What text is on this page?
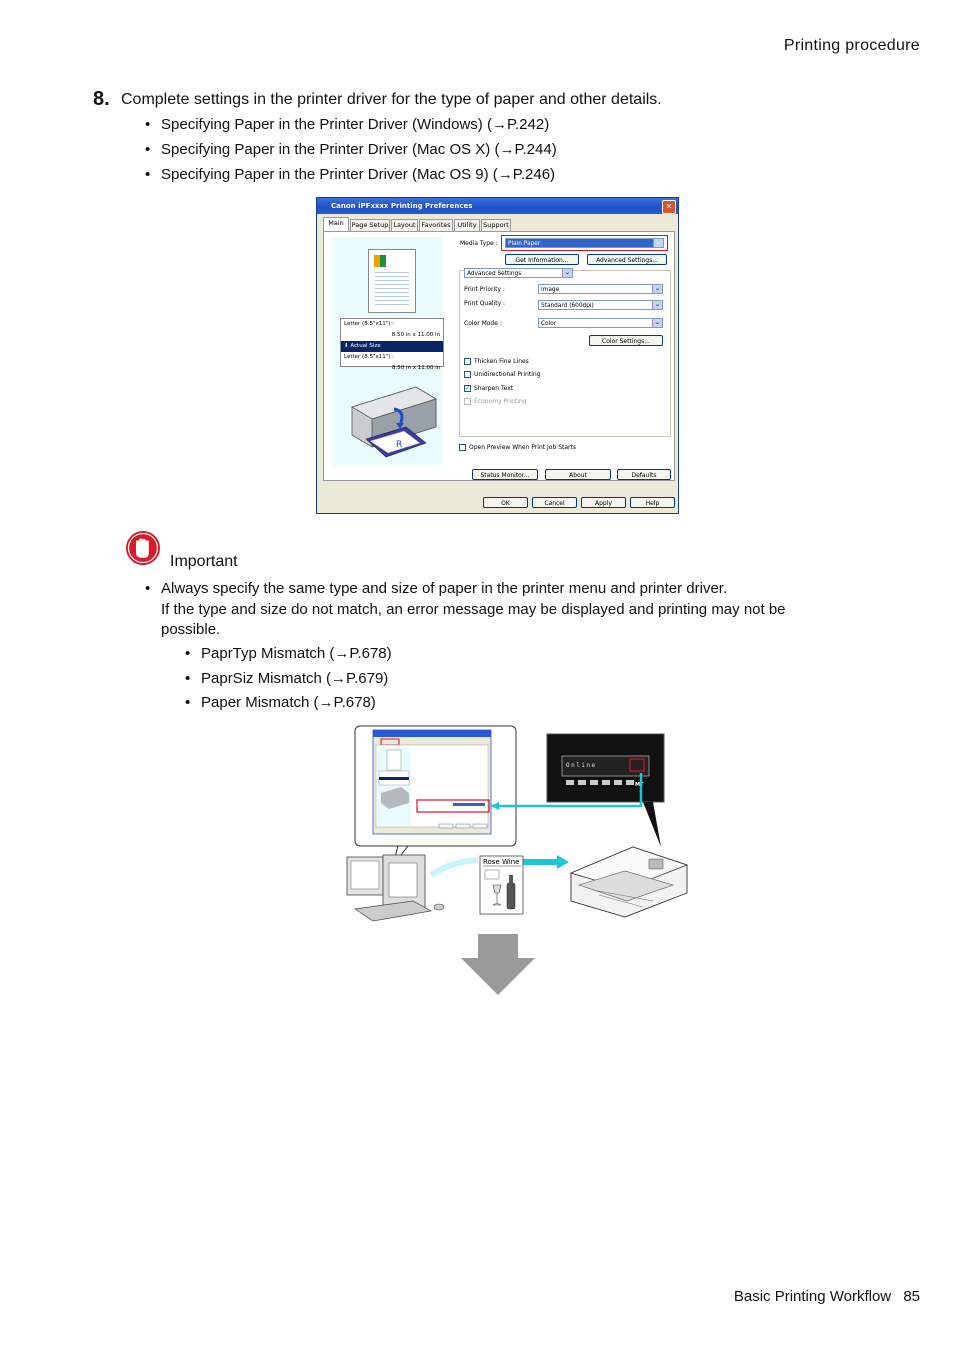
Printing procedure
8. Complete settings in the printer driver for the type of paper and other details.
• Specifying Paper in the Printer Driver (Windows) (→P.242)
• Specifying Paper in the Printer Driver (Mac OS X) (→P.244)
• Specifying Paper in the Printer Driver (Mac OS 9) (→P.246)
Canon iPFxxxx Printing Preferences	✕
Main	Page Setup Layout Favorites	Utility	Support
Letter (8.5"x11") :
8.50 in x 11.00 in
⬇ Actual Size
Letter (8.5"x11") :
8.50 in x 11.00 in
R
Media Type :	Plain Paper	⌄
Get Information...	Advanced Settings...
Advanced Settings	⌄
Print Priority :	Image	⌄
Print Quality :	Standard (600dpi)	⌄
Color Mode :	Color	⌄
Color Settings...
Thicken Fine Lines
Unidirectional Printing
✓ Sharpen Text
Economy Printing
Open Preview When Print Job Starts
Status Monitor...	About	Defaults
OK	Cancel	Apply	Help
Important
• Always specify the same type and size of paper in the printer menu and printer driver.
If the type and size do not match, an error message may be displayed and printing may not be
possible.
• PaprTyp Mismatch (→P.678)
• PaprSiz Mismatch (→P.679)
• Paper Mismatch (→P.678)
Online
MT
Rose Wine
Basic Printing Workflow 85
